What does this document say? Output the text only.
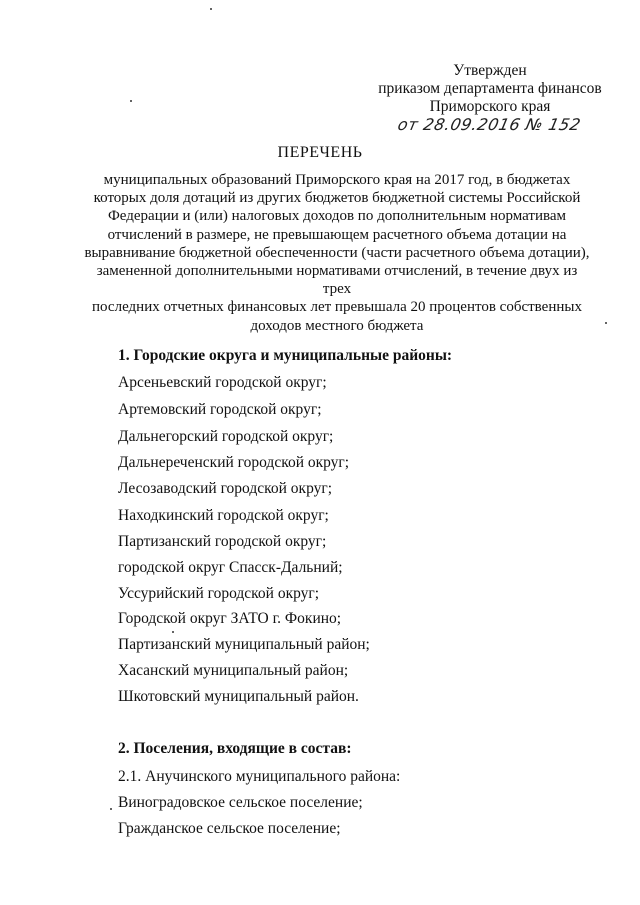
Утвержден
приказом департамента финансов
Приморского края
от 28.09.2016 № 152
ПЕРЕЧЕНЬ
муниципальных образований Приморского края на 2017 год, в бюджетах
которых доля дотаций из других бюджетов бюджетной системы Российской
Федерации и (или) налоговых доходов по дополнительным нормативам
отчислений в размере, не превышающем расчетного объема дотации на
выравнивание бюджетной обеспеченности (части расчетного объема дотации),
замененной дополнительными нормативами отчислений, в течение двух из трех
последних отчетных финансовых лет превышала 20 процентов собственных
доходов местного бюджета
1. Городские округа и муниципальные районы:
Арсеньевский городской округ;
Артемовский городской округ;
Дальнегорский городской округ;
Дальнереченский городской округ;
Лесозаводский городской округ;
Находкинский городской округ;
Партизанский городской округ;
городской округ Спасск-Дальний;
Уссурийский городской округ;
Городской округ ЗАТО г. Фокино;
Партизанский муниципальный район;
Хасанский муниципальный район;
Шкотовский муниципальный район.
2. Поселения, входящие в состав:
2.1. Анучинского муниципального района:
Виноградовское сельское поселение;
Гражданское сельское поселение;
